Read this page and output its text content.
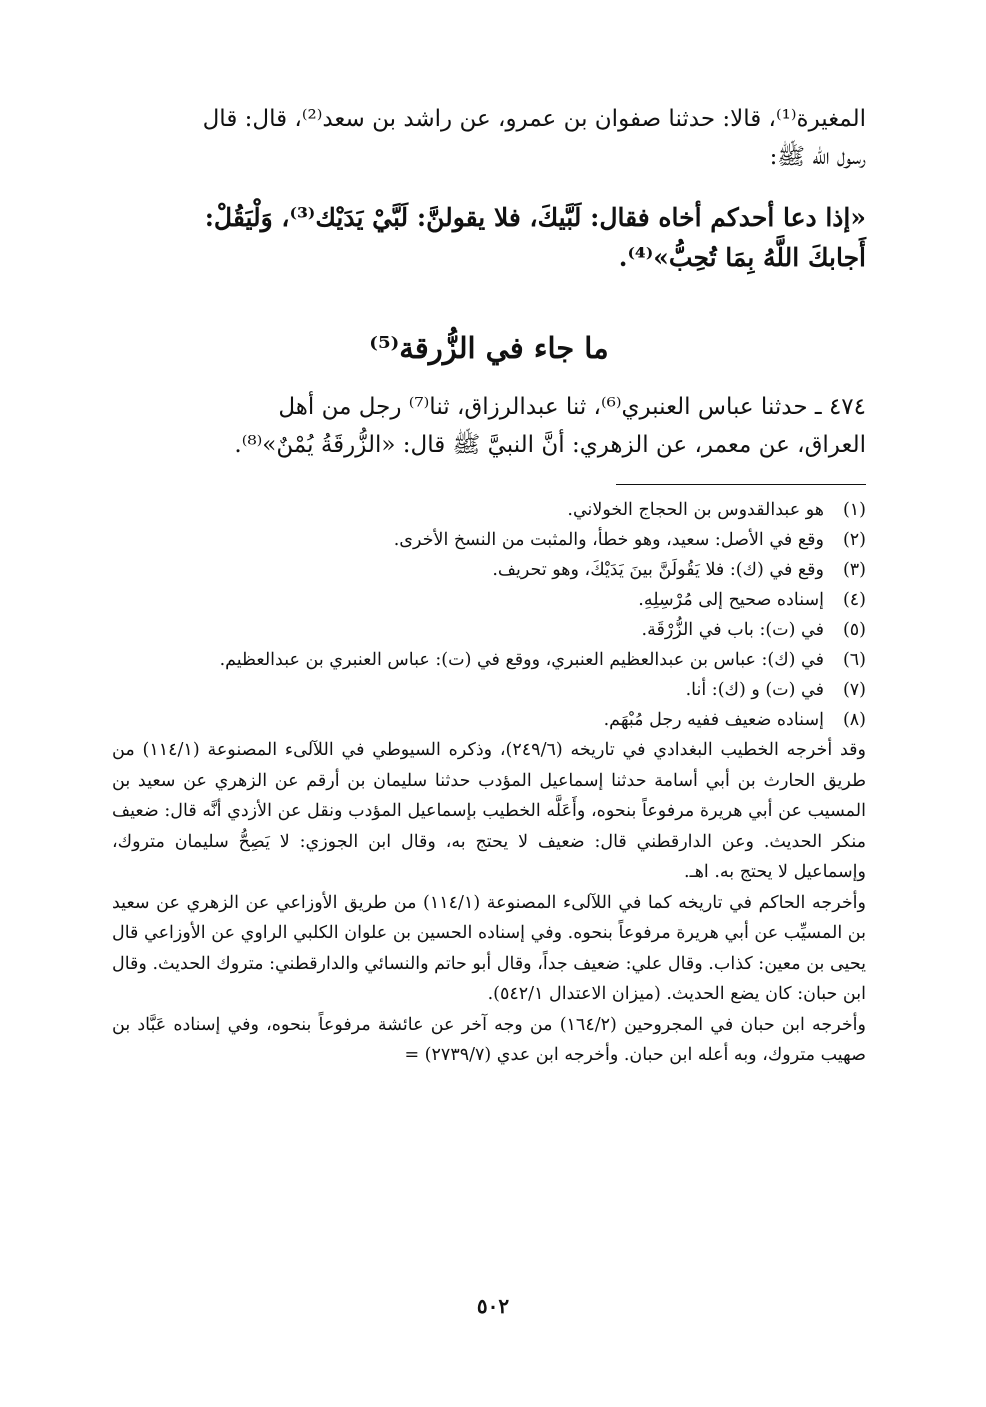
المغيرة⁽¹⁾، قالا: حدثنا صفوان بن عمرو، عن راشد بن سعد⁽²⁾، قال: قال
رسول الله ﷺ:

«إذا دعا أحدكم أخاه فقال: لَبَّيكَ، فلا يقولنَّ: لَبَّيْ يَدَيْك⁽³⁾، وَلْيَقُلْ:
أَجابكَ اللَّهُ بِمَا تُحِبُّ»⁽⁴⁾.

ما جاء في الزُّرقة⁽⁵⁾

٤٧٤ ـ حدثنا عباس العنبري⁽⁶⁾، ثنا عبدالرزاق، ثنا⁽⁷⁾ رجل من أهل
العراق، عن معمر، عن الزهري: أنَّ النبيَّ ﷺ قال: «الزُّرقَةُ يُمْنٌ»⁽⁸⁾.

(١)
هو عبدالقدوس بن الحجاج الخولاني.

(٢)
وقع في الأصل: سعيد، وهو خطأ، والمثبت من النسخ الأخرى.

(٣)
وقع في (ك): فلا يَقُولَنَّ بينَ يَدَيْكَ، وهو تحريف.

(٤)
إسناده صحيح إلى مُرْسِلِهِ.

(٥)
في (ت): باب في الزُّرْقَة.

(٦)
في (ك): عباس بن عبدالعظيم العنبري، ووقع في (ت): عباس العنبري بن عبدالعظيم.

(٧)
في (ت) و (ك): أنا.

(٨)
إسناده ضعيف ففيه رجل مُبْهَم.

وقد أخرجه الخطيب البغدادي في تاريخه (٢٤٩/٦)، وذكره السيوطي في اللآلىء المصنوعة (١١٤/١) من طريق الحارث بن أبي أسامة حدثنا إسماعيل المؤدب حدثنا سليمان بن أرقم عن الزهري عن سعيد بن المسيب عن أبي هريرة مرفوعاً بنحوه، وأَعَلَّه الخطيب بإسماعيل المؤدب ونقل عن الأزدي أنَّه قال: ضعيف منكر الحديث. وعن الدارقطني قال: ضعيف لا يحتج به، وقال ابن الجوزي: لا يَصِحُّ سليمان متروك، وإسماعيل لا يحتج به. اهـ.

وأخرجه الحاكم في تاريخه كما في اللآلىء المصنوعة (١١٤/١) من طريق الأوزاعي عن الزهري عن سعيد بن المسيِّب عن أبي هريرة مرفوعاً بنحوه. وفي إسناده الحسين بن علوان الكلبي الراوي عن الأوزاعي قال يحيى بن معين: كذاب. وقال علي: ضعيف جداً، وقال أبو حاتم والنسائي والدارقطني: متروك الحديث. وقال ابن حبان: كان يضع الحديث. (ميزان الاعتدال ٥٤٢/١).

وأخرجه ابن حبان في المجروحين (١٦٤/٢) من وجه آخر عن عائشة مرفوعاً بنحوه، وفي إسناده عَبَّاد بن صهيب متروك، وبه أعله ابن حبان. وأخرجه ابن عدي (٢٧٣٩/٧) =

٥٠٢
